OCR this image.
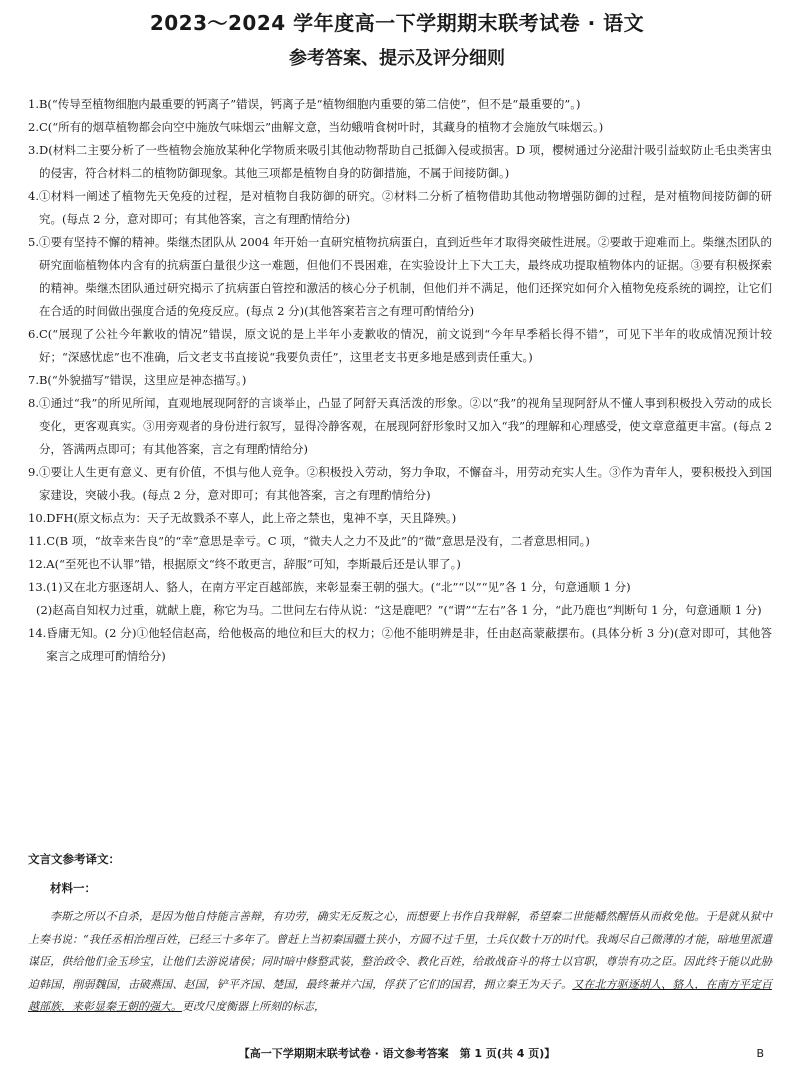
2023～2024 学年度高一下学期期末联考试卷 · 语文
参考答案、提示及评分细则
1. B(“传导至植物细胞内最重要的钙离子”错误，钙离子是“植物细胞内重要的第二信使”，但不是“最重要的”。)
2. C(“所有的烟草植物都会向空中施放气味烟云”曲解文意，当幼蛾啃食树叶时，其藏身的植物才会施放气味烟云。)
3. D(材料二主要分析了一些植物会施放某种化学物质来吸引其他动物帮助自己抵御入侵或损害。D 项，樱树通过分泌甜汁吸引益蚁防止毛虫类害虫的侵害，符合材料二的植物防御现象。其他三项都是植物自身的防御措施，不属于间接防御。)
4. ①材料一阐述了植物先天免疫的过程，是对植物自我防御的研究。②材料二分析了植物借助其他动物增强防御的过程，是对植物间接防御的研究。(每点 2 分，意对即可；有其他答案，言之有理酌情给分)
5. ①要有坚持不懈的精神。柴继杰团队从 2004 年开始一直研究植物抗病蛋白，直到近些年才取得突破性进展。②要敢于迎难而上。柴继杰团队的研究面临植物体内含有的抗病蛋白量很少这一难题，但他们不畏困难，在实验设计上下大工夫，最终成功提取植物体内的证据。③要有积极探索的精神。柴继杰团队通过研究揭示了抗病蛋白管控和激活的核心分子机制，但他们并不满足，他们还探究如何介入植物免疫系统的调控，让它们在合适的时间做出强度合适的免疫反应。(每点 2 分)(其他答案若言之有理可酌情给分)
6. C(“展现了公社今年歉收的情况”错误，原文说的是上半年小麦歉收的情况，前文说到“今年早季稻长得不错”，可见下半年的收成情况预计较好；“深感忧虑”也不准确，后文老支书直接说“我要负责任”，这里老支书更多地是感到责任重大。)
7. B(“外貌描写”错误，这里应是神态描写。)
8. ①通过“我”的所见所闻，直观地展现阿舒的言谈举止，凸显了阿舒天真活泼的形象。②以“我”的视角呈现阿舒从不懂人事到积极投入劳动的成长变化，更客观真实。③用旁观者的身份进行叙写，显得冷静客观，在展现阿舒形象时又加入“我”的理解和心理感受，使文章意蕴更丰富。(每点 2 分，答满两点即可；有其他答案，言之有理酌情给分)
9. ①要让人生更有意义、更有价值，不惧与他人竞争。②积极投入劳动，努力争取，不懈奋斗，用劳动充实人生。③作为青年人，要积极投入到国家建设，突破小我。(每点 2 分，意对即可；有其他答案，言之有理酌情给分)
10. DFH(原文标点为：天子无故戮杀不辜人，此上帝之禁也，鬼神不享，天且降殃。)
11. C(B 项，“故幸来告良”的“幸”意思是幸亏。C 项，“微夫人之力不及此”的“微”意思是没有，二者意思相同。)
12. A(“至死也不认罪”错，根据原文“终不敢更言，辞服”可知，李斯最后还是认罪了。)
13. (1)又在北方驱逐胡人、貉人，在南方平定百越部族，来彰显秦王朝的强大。(“北”“以”“见”各 1 分，句意通顺 1 分)
(2)赵高自知权力过重，就献上鹿，称它为马。二世问左右侍从说：“这是鹿吧？”(“谓”“左右”各 1 分，“此乃鹿也”判断句 1 分，句意通顺 1 分)
14. 昏庸无知。(2 分)①他轻信赵高，给他极高的地位和巨大的权力；②他不能明辨是非，任由赵高蒙蔽摆布。(具体分析 3 分)(意对即可，其他答案言之成理可酌情给分)
文言文参考译文：
材料一：

李斯之所以不自杀，是因为他自恃能言善辩，有功劳，确实无反叛之心，而想要上书作自我辩解，希望秦二世能幡然醒悟从而救免他。于是就从狱中上奏书说：“我任丞相治理百姓，已经三十多年了。曾赶上当初秦国疆土狭小，方圆不过千里，士兵仅数十万的时代。我竭尽自己微薄的才能，暗地里派遣谋臣，供给他们金玉珍宝，让他们去游说诸侯；同时暗中修整武装，整治政令、教化百姓，给敢战奋斗的将士以官职，尊崇有功之臣。因此终于能以此胁迫韩国，削弱魏国，击破燕国、赵国，铲平齐国、楚国，最终兼并六国，俘获了它们的国君，拥立秦王为天子。又在北方驱逐胡人、貉人，在南方平定百越部族，来彰显秦王朝的强大。更改尺度衡器上所刻的标志，

【高一下学期期末联考试卷 · 语文参考答案　第 1 页(共 4 页)】	B
